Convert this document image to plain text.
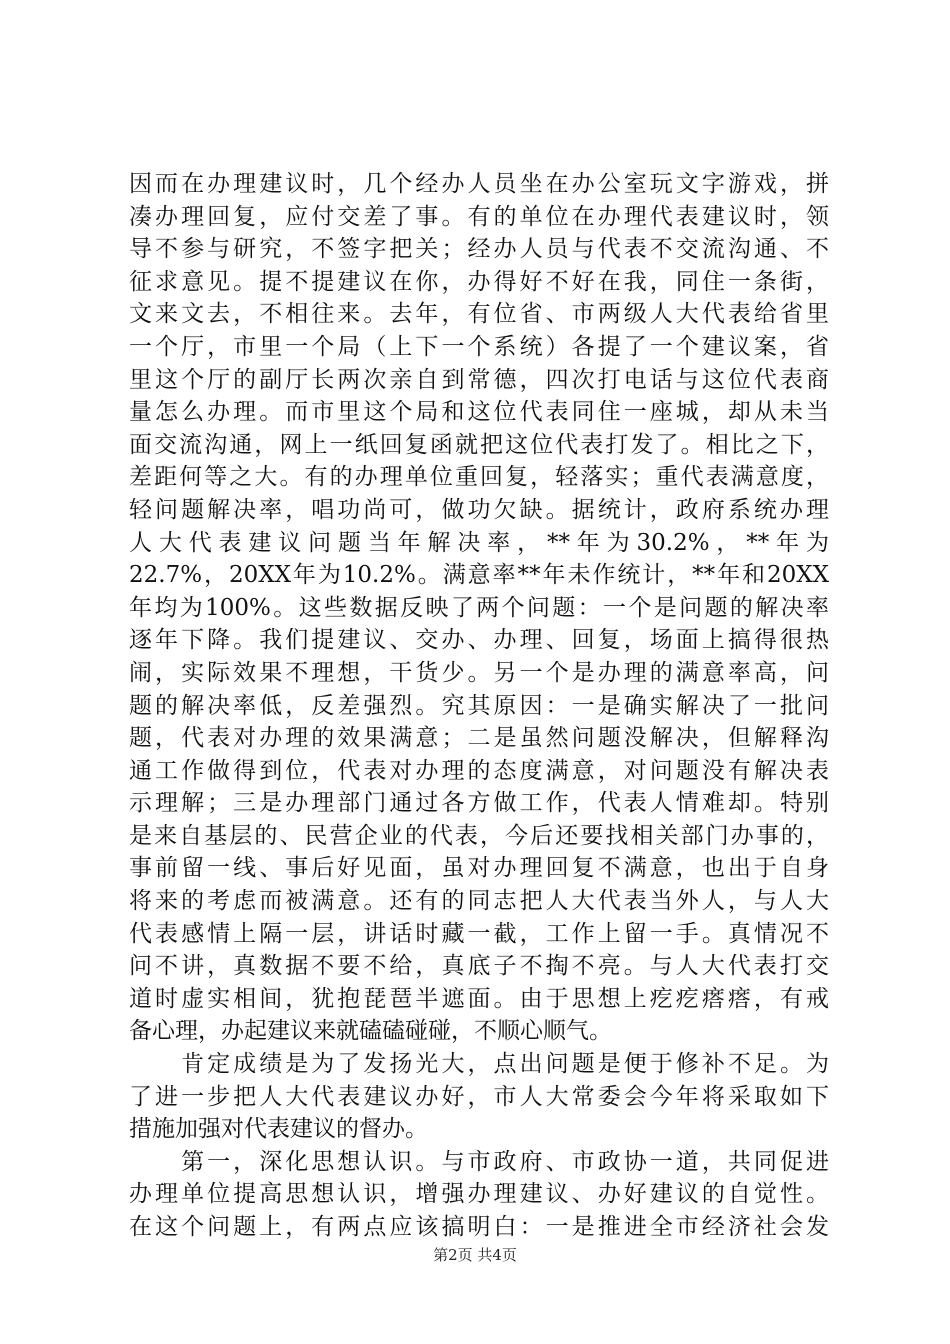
因而在办理建议时，几个经办人员坐在办公室玩文字游戏，拼
凑办理回复，应付交差了事。有的单位在办理代表建议时，领
导不参与研究，不签字把关；经办人员与代表不交流沟通、不
征求意见。提不提建议在你，办得好不好在我，同住一条街，
文来文去，不相往来。去年，有位省、市两级人大代表给省里
一个厅，市里一个局（上下一个系统）各提了一个建议案，省
里这个厅的副厅长两次亲自到常德，四次打电话与这位代表商
量怎么办理。而市里这个局和这位代表同住一座城，却从未当
面交流沟通，网上一纸回复函就把这位代表打发了。相比之下，
差距何等之大。有的办理单位重回复，轻落实；重代表满意度，
轻问题解决率，唱功尚可，做功欠缺。据统计，政府系统办理
人大代表建议问题当年解决率，**年为30.2%，**年为
22.7%，20XX年为10.2%。满意率**年未作统计，**年和20XX
年均为100%。这些数据反映了两个问题：一个是问题的解决率
逐年下降。我们提建议、交办、办理、回复，场面上搞得很热
闹，实际效果不理想，干货少。另一个是办理的满意率高，问
题的解决率低，反差强烈。究其原因：一是确实解决了一批问
题，代表对办理的效果满意；二是虽然问题没解决，但解释沟
通工作做得到位，代表对办理的态度满意，对问题没有解决表
示理解；三是办理部门通过各方做工作，代表人情难却。特别
是来自基层的、民营企业的代表，今后还要找相关部门办事的，
事前留一线、事后好见面，虽对办理回复不满意，也出于自身
将来的考虑而被满意。还有的同志把人大代表当外人，与人大
代表感情上隔一层，讲话时藏一截，工作上留一手。真情况不
问不讲，真数据不要不给，真底子不掏不亮。与人大代表打交
道时虚实相间，犹抱琵琶半遮面。由于思想上疙疙瘩瘩，有戒
备心理，办起建议来就磕磕碰碰，不顺心顺气。
　　肯定成绩是为了发扬光大，点出问题是便于修补不足。为
了进一步把人大代表建议办好，市人大常委会今年将采取如下
措施加强对代表建议的督办。
　　第一，深化思想认识。与市政府、市政协一道，共同促进
办理单位提高思想认识，增强办理建议、办好建议的自觉性。
在这个问题上，有两点应该搞明白：一是推进全市经济社会发
第2页 共4页
